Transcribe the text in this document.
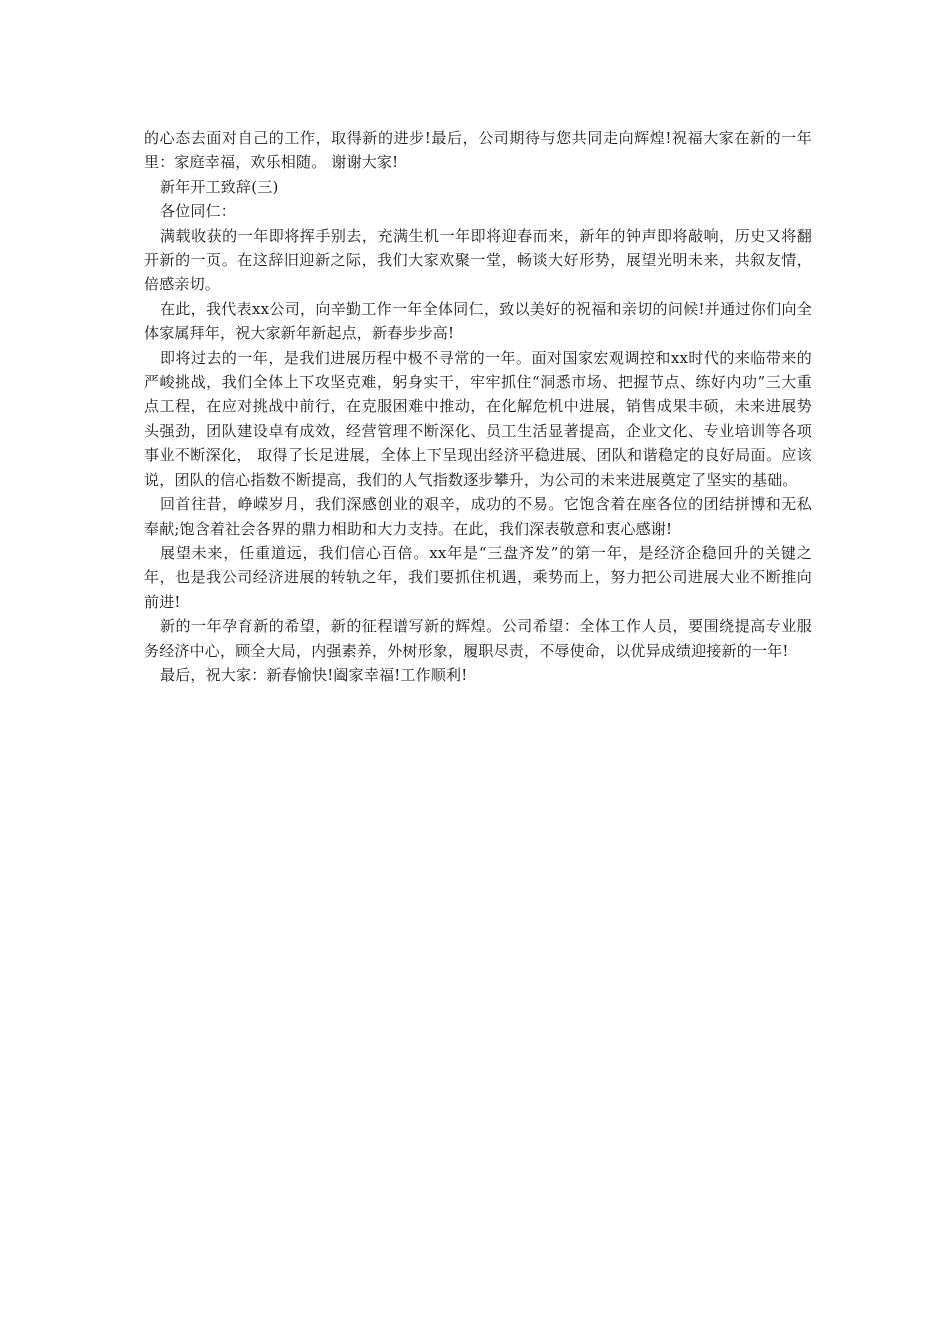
的心态去面对自己的工作，取得新的进步!最后，公司期待与您共同走向辉煌!祝福大家在新的一年里：家庭幸福，欢乐相随。 谢谢大家!

新年开工致辞(三)

各位同仁：

满载收获的一年即将挥手别去，充满生机一年即将迎春而来，新年的钟声即将敲响，历史又将翻开新的一页。在这辞旧迎新之际，我们大家欢聚一堂，畅谈大好形势，展望光明未来，共叙友情，倍感亲切。

在此，我代表xx公司，向辛勤工作一年全体同仁，致以美好的祝福和亲切的问候!并通过你们向全体家属拜年，祝大家新年新起点，新春步步高!

即将过去的一年，是我们进展历程中极不寻常的一年。面对国家宏观调控和xx时代的来临带来的严峻挑战，我们全体上下攻坚克难，躬身实干，牢牢抓住“洞悉市场、把握节点、练好内功”三大重点工程，在应对挑战中前行，在克服困难中推动，在化解危机中进展，销售成果丰硕，未来进展势头强劲，团队建设卓有成效，经营管理不断深化、员工生活显著提高，企业文化、专业培训等各项事业不断深化， 取得了长足进展，全体上下呈现出经济平稳进展、团队和谐稳定的良好局面。应该说，团队的信心指数不断提高，我们的人气指数逐步攀升，为公司的未来进展奠定了坚实的基础。

回首往昔，峥嵘岁月，我们深感创业的艰辛，成功的不易。它饱含着在座各位的团结拼博和无私奉献;饱含着社会各界的鼎力相助和大力支持。在此，我们深表敬意和衷心感谢!

展望未来，任重道远，我们信心百倍。xx年是“三盘齐发”的第一年，是经济企稳回升的关键之年，也是我公司经济进展的转轨之年，我们要抓住机遇，乘势而上，努力把公司进展大业不断推向前进!

新的一年孕育新的希望，新的征程谱写新的辉煌。公司希望：全体工作人员，要围绕提高专业服务经济中心，顾全大局，内强素养，外树形象，履职尽责，不辱使命，以优异成绩迎接新的一年!

最后，祝大家：新春愉快!阖家幸福!工作顺利!
